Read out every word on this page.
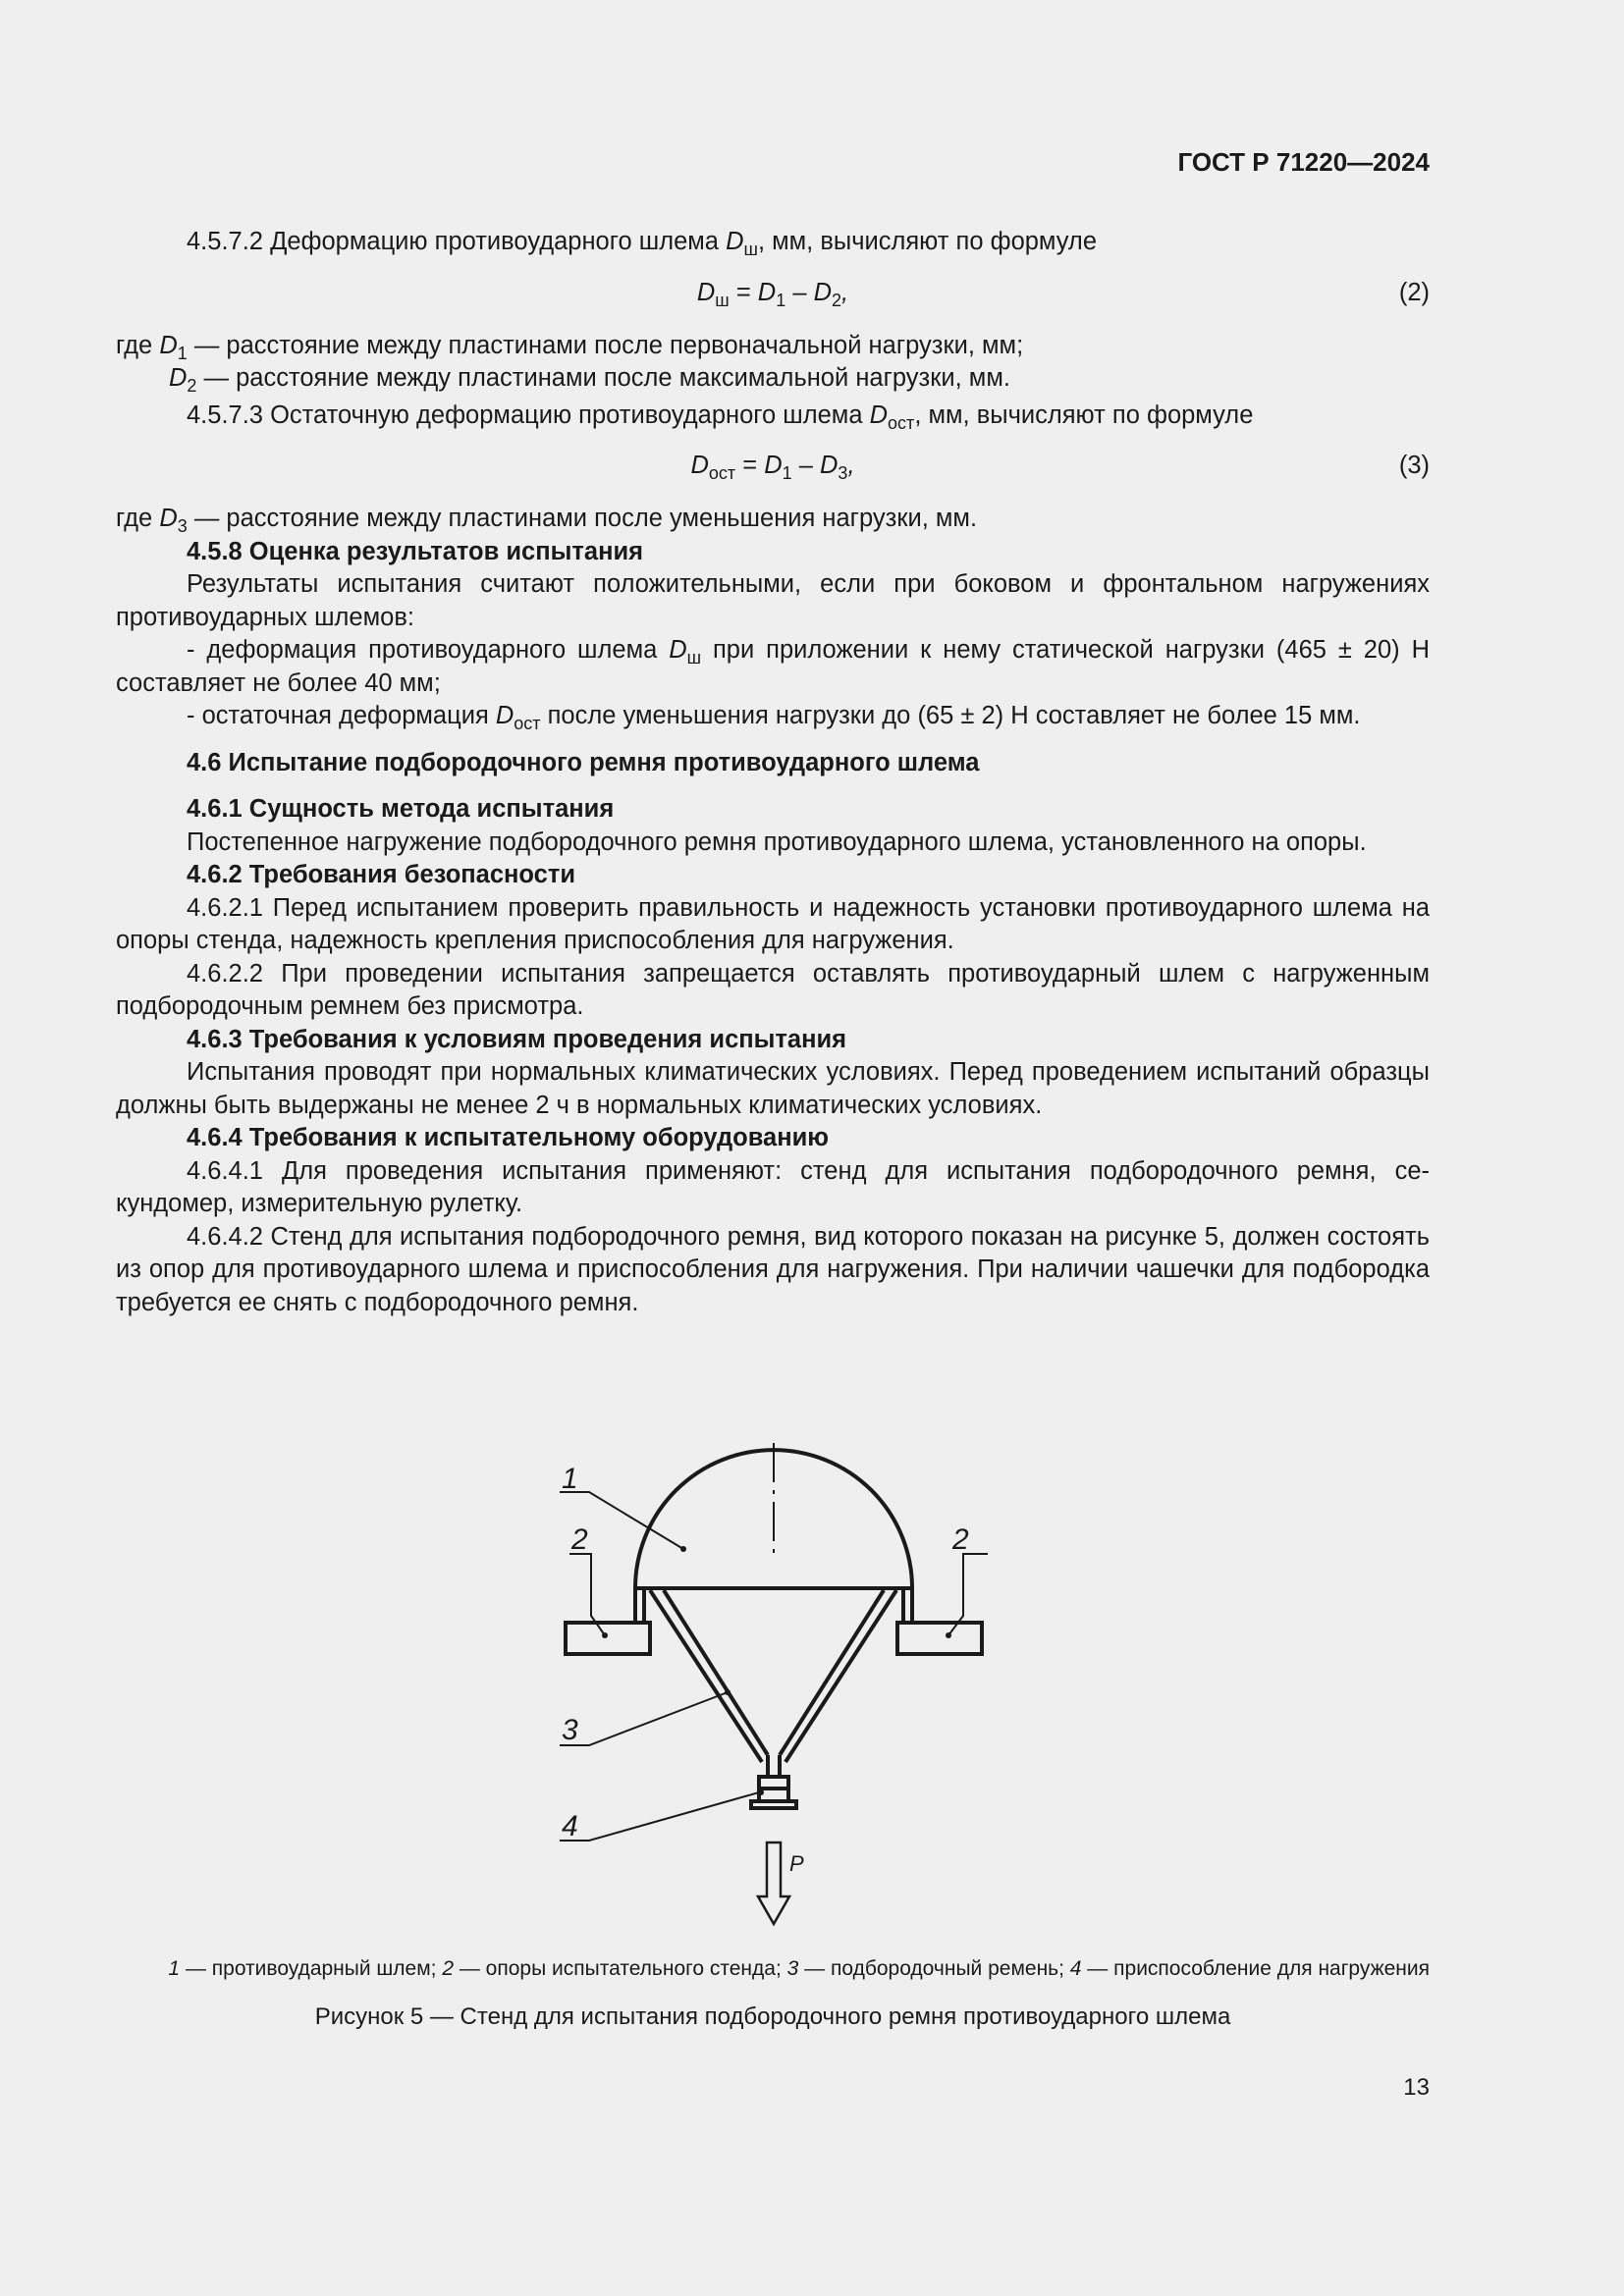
ГОСТ Р 71220—2024

4.5.7.2 Деформацию противоударного шлема $D_ш$, мм, вычисляют по формуле

$D_ш = D_1 - D_2$,	(2)

где $D_1$ — расстояние между пластинами после первоначальной нагрузки, мм;

$D_2$ — расстояние между пластинами после максимальной нагрузки, мм.

4.5.7.3 Остаточную деформацию противоударного шлема $D_{ост}$, мм, вычисляют по формуле

$D_{ост} = D_1 - D_3$,	(3)

где $D_3$ — расстояние между пластинами после уменьшения нагрузки, мм.

4.5.8 Оценка результатов испытания

Результаты испытания считают положительными, если при боковом и фронтальном нагружениях противоударных шлемов:

- деформация противоударного шлема $D_ш$ при приложении к нему статической нагрузки (465 ± 20) Н составляет не более 40 мм;

- остаточная деформация $D_{ост}$ после уменьшения нагрузки до (65 ± 2) Н составляет не более 15 мм.

4.6 Испытание подбородочного ремня противоударного шлема

4.6.1 Сущность метода испытания

Постепенное нагружение подбородочного ремня противоударного шлема, установленного на опоры.

4.6.2 Требования безопасности

4.6.2.1 Перед испытанием проверить правильность и надежность установки противоударного шлема на опоры стенда, надежность крепления приспособления для нагружения.

4.6.2.2 При проведении испытания запрещается оставлять противоударный шлем с нагруженным подбородочным ремнем без присмотра.

4.6.3 Требования к условиям проведения испытания

Испытания проводят при нормальных климатических условиях. Перед проведением испытаний образцы должны быть выдержаны не менее 2 ч в нормальных климатических условиях.

4.6.4 Требования к испытательному оборудованию

4.6.4.1 Для проведения испытания применяют: стенд для испытания подбородочного ремня, се-кундомер, измерительную рулетку.

4.6.4.2 Стенд для испытания подбородочного ремня, вид которого показан на рисунке 5, должен состоять из опор для противоударного шлема и приспособления для нагружения. При наличии чашечки для подбородка требуется ее снять с подбородочного ремня.

1
2	2
3
4
P
1 — противоударный шлем; 2 — опоры испытательного стенда; 3 — подбородочный ремень; 4 — приспособление для нагружения
Рисунок 5 — Стенд для испытания подбородочного ремня противоударного шлема
13
